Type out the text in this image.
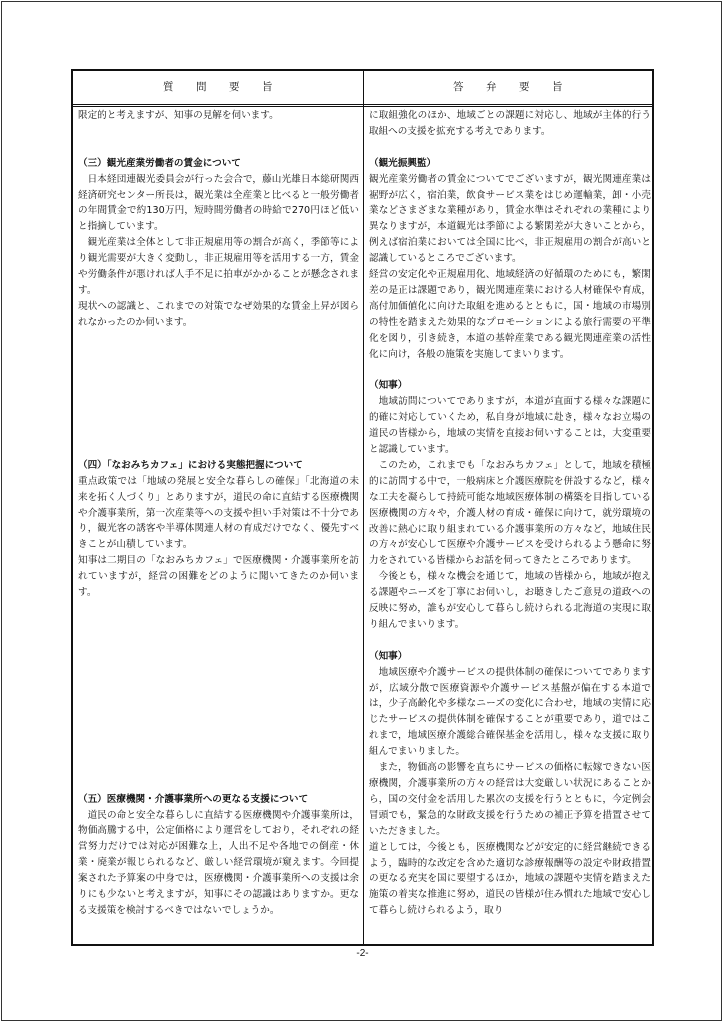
質　　問　　要　　旨	答　　弁　　要　　旨

限定的と考えますが、知事の見解を伺います。

（三）観光産業労働者の賃金について

日本経団連観光委員会が行った会合で，藤山光雄日本総研関西経済研究センター所長は，観光業は全産業と比べると一般労働者の年間賃金で約130万円，短時間労働者の時給で270円ほど低いと指摘しています。

観光産業は全体として非正規雇用等の割合が高く，季節等により観光需要が大きく変動し，非正規雇用等を活用する一方，賃金や労働条件が悪ければ人手不足に拍車がかかることが懸念されます。

現状への認識と、これまでの対策でなぜ効果的な賃金上昇が図られなかったのか伺います。

（四）「なおみちカフェ」における実態把握について

重点政策では「地域の発展と安全な暮らしの確保」「北海道の未来を拓く人づくり」とありますが，道民の命に直結する医療機関や介護事業所，第一次産業等への支援や担い手対策は不十分であり，観光客の誘客や半導体関連人材の育成だけでなく、優先すべきことが山積しています。

知事は二期目の「なおみちカフェ」で医療機関・介護事業所を訪れていますが，経営の困難をどのように聞いてきたのか伺います。

（五）医療機関・介護事業所への更なる支援について

道民の命と安全な暮らしに直結する医療機関や介護事業所は，物価高騰する中，公定価格により運営をしており，それぞれの経営努力だけでは対応が困難な上，人出不足や各地での倒産・休業・廃業が報じられるなど、厳しい経営環境が窺えます。今回提案された予算案の中身では，医療機関・介護事業所への支援は余りにも少ないと考えますが，知事にその認識はありますか。更なる支援策を検討するべきではないでしょうか。

に取組強化のほか、地域ごとの課題に対応し、地域が主体的行う取組への支援を拡充する考えであります。

（観光振興監）

観光産業労働者の賃金についてでございますが，観光関連産業は裾野が広く，宿泊業，飲食サービス業をはじめ運輸業，卸・小売業などさまざまな業種があり，賃金水準はそれぞれの業種により異なりますが，本道観光は季節による繁閑差が大きいことから，例えば宿泊業においては全国に比べ，非正規雇用の割合が高いと認識しているところでございます。

経営の安定化や正規雇用化、地域経済の好循環のためにも，繁閑差の是正は課題であり，観光関連産業における人材確保や育成，高付加価値化に向けた取組を進めるとともに，国・地域の市場別の特性を踏まえた効果的なプロモーションによる旅行需要の平準化を図り，引き続き，本道の基幹産業である観光関連産業の活性化に向け，各般の施策を実施してまいります。

（知事）

地域訪問についてでありますが，本道が直面する様々な課題に的確に対応していくため，私自身が地域に赴き，様々なお立場の道民の皆様から，地域の実情を直接お伺いすることは，大変重要と認識しています。

このため，これまでも「なおみちカフェ」として，地域を積極的に訪問する中で，一般病床と介護医療院を併設するなど，様々な工夫を凝らして持続可能な地域医療体制の構築を目指している医療機関の方々や，介護人材の育成・確保に向けて，就労環境の改善に熱心に取り組まれている介護事業所の方々など，地域住民の方々が安心して医療や介護サービスを受けられるよう懸命に努力をされている皆様からお話を伺ってきたところであります。

今後とも，様々な機会を通じて，地域の皆様から，地域が抱える課題やニーズを丁寧にお伺いし，お聴きしたご意見の道政への反映に努め，誰もが安心して暮らし続けられる北海道の実現に取り組んでまいります。

（知事）

地域医療や介護サービスの提供体制の確保についてでありますが，広域分散で医療資源や介護サービス基盤が偏在する本道では，少子高齢化や多様なニーズの変化に合わせ，地域の実情に応じたサービスの提供体制を確保することが重要であり，道ではこれまで，地域医療介護総合確保基金を活用し，様々な支援に取り組んでまいりました。

また，物価高の影響を直ちにサービスの価格に転嫁できない医療機関，介護事業所の方々の経営は大変厳しい状況にあることから，国の交付金を活用した累次の支援を行うとともに，今定例会冒頭でも，緊急的な財政支援を行うための補正予算を措置させていただきました。

道としては，今後とも，医療機関などが安定的に経営継続できるよう，臨時的な改定を含めた適切な診療報酬等の設定や財政措置の更なる充実を国に要望するほか，地域の課題や実情を踏まえた施策の着実な推進に努め，道民の皆様が住み慣れた地域で安心して暮らし続けられるよう，取り

-2-
